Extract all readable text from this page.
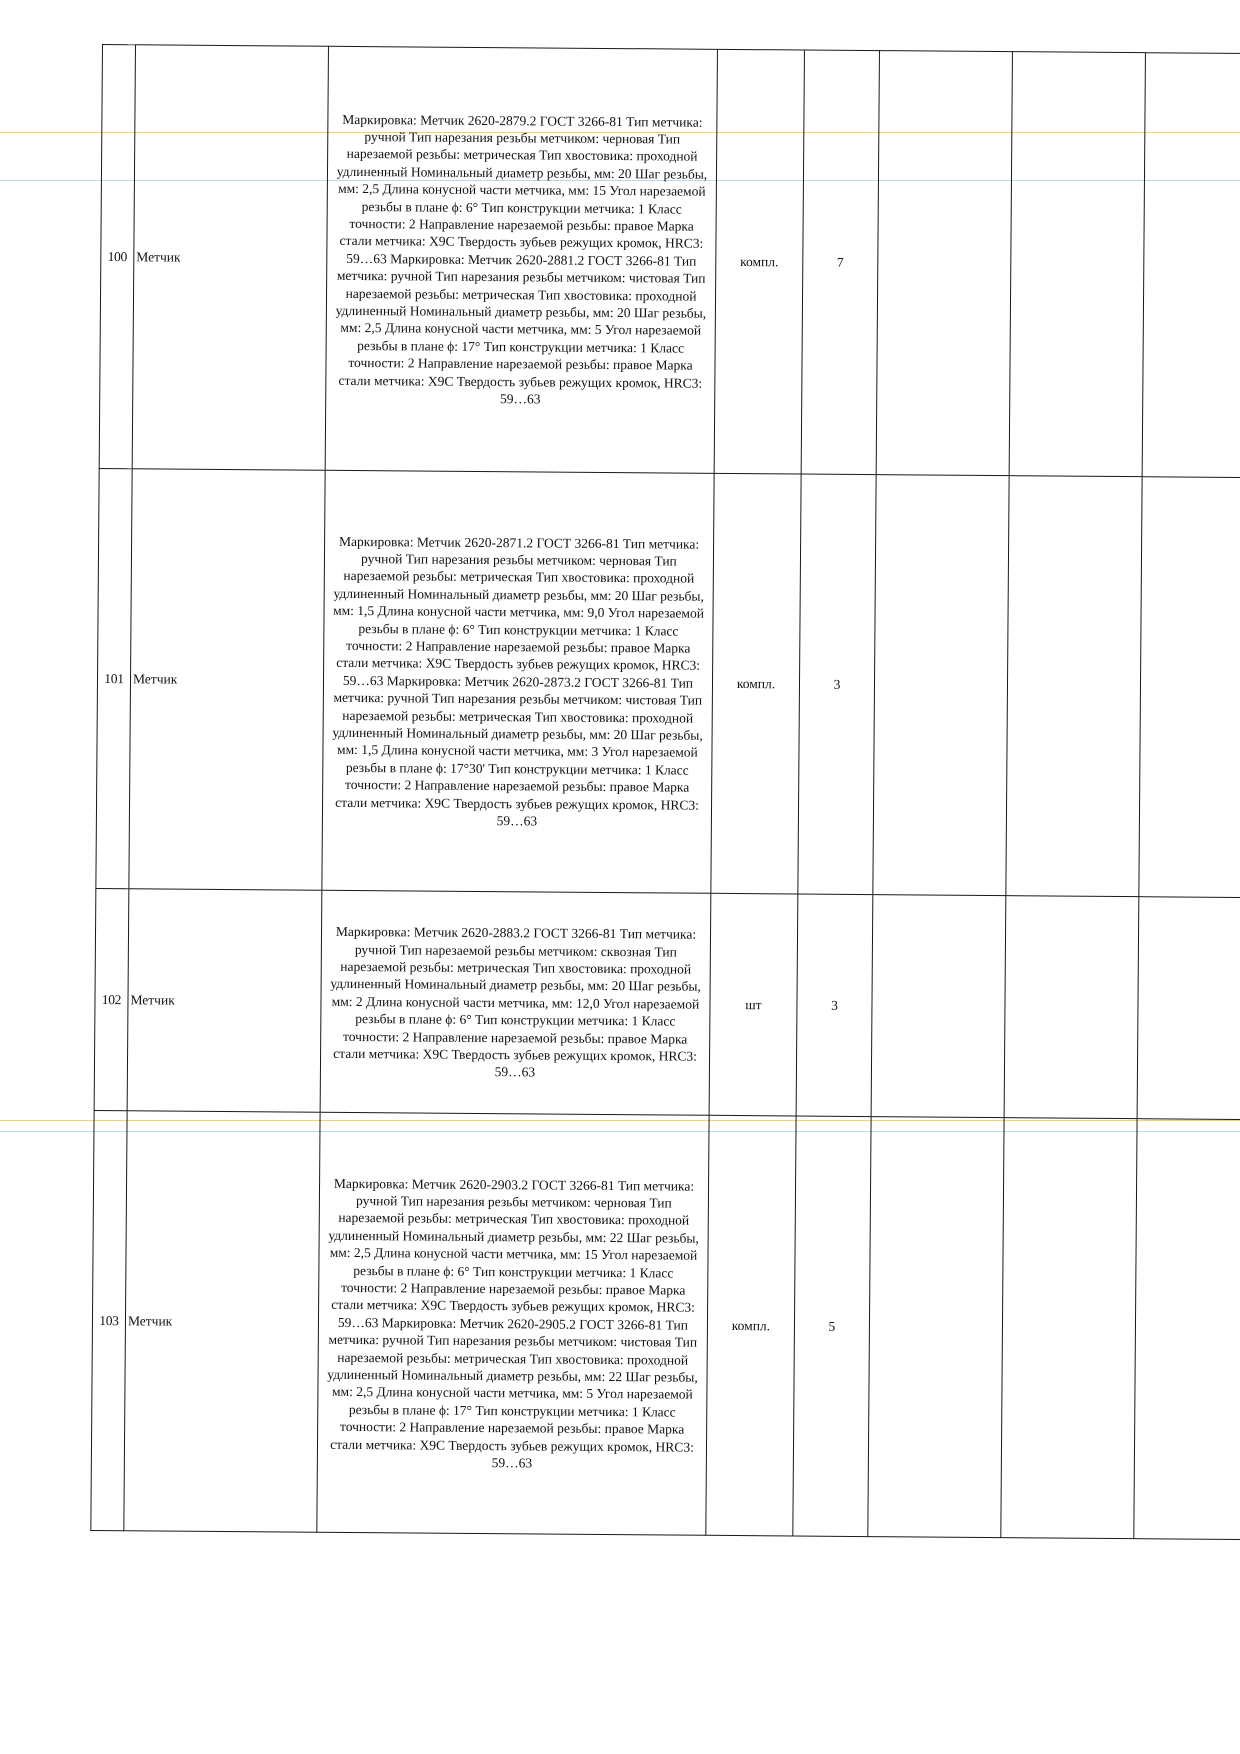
100	Метчик	Маркировка: Метчик 2620-2879.2 ГОСТ 3266-81 Тип метчика: ручной Тип нарезания резьбы метчиком: черновая Тип нарезаемой резьбы: метрическая Тип хвостовика: проходной удлиненный Номинальный диаметр резьбы, мм: 20 Шаг резьбы, мм: 2,5 Длина конусной части метчика, мм: 15 Угол нарезаемой резьбы в плане ϕ: 6° Тип конструкции метчика: 1 Класс точности: 2 Направление нарезаемой резьбы: правое Марка стали метчика: Х9С Твердость зубьев режущих кромок, HRC3: 59…63 Маркировка: Метчик 2620-2881.2 ГОСТ 3266-81 Тип метчика: ручной Тип нарезания резьбы метчиком: чистовая Тип нарезаемой резьбы: метрическая Тип хвостовика: проходной удлиненный Номинальный диаметр резьбы, мм: 20 Шаг резьбы, мм: 2,5 Длина конусной части метчика, мм: 5 Угол нарезаемой резьбы в плане ϕ: 17° Тип конструкции метчика: 1 Класс точности: 2 Направление нарезаемой резьбы: правое Марка стали метчика: Х9С Твердость зубьев режущих кромок, HRC3: 59…63	компл.	7			
101	Метчик	Маркировка: Метчик 2620-2871.2 ГОСТ 3266-81 Тип метчика: ручной Тип нарезания резьбы метчиком: черновая Тип нарезаемой резьбы: метрическая Тип хвостовика: проходной удлиненный Номинальный диаметр резьбы, мм: 20 Шаг резьбы, мм: 1,5 Длина конусной части метчика, мм: 9,0 Угол нарезаемой резьбы в плане ϕ: 6° Тип конструкции метчика: 1 Класс точности: 2 Направление нарезаемой резьбы: правое Марка стали метчика: Х9С Твердость зубьев режущих кромок, HRC3: 59…63 Маркировка: Метчик 2620-2873.2 ГОСТ 3266-81 Тип метчика: ручной Тип нарезания резьбы метчиком: чистовая Тип нарезаемой резьбы: метрическая Тип хвостовика: проходной удлиненный Номинальный диаметр резьбы, мм: 20 Шаг резьбы, мм: 1,5 Длина конусной части метчика, мм: 3 Угол нарезаемой резьбы в плане ϕ: 17°30' Тип конструкции метчика: 1 Класс точности: 2 Направление нарезаемой резьбы: правое Марка стали метчика: Х9С Твердость зубьев режущих кромок, HRC3: 59…63	компл.	3			
102	Метчик	Маркировка: Метчик 2620-2883.2 ГОСТ 3266-81 Тип метчика: ручной Тип нарезаемой резьбы метчиком: сквозная Тип нарезаемой резьбы: метрическая Тип хвостовика: проходной удлиненный Номинальный диаметр резьбы, мм: 20 Шаг резьбы, мм: 2 Длина конусной части метчика, мм: 12,0 Угол нарезаемой резьбы в плане ϕ: 6° Тип конструкции метчика: 1 Класс точности: 2 Направление нарезаемой резьбы: правое Марка стали метчика: Х9С Твердость зубьев режущих кромок, HRC3: 59…63	шт	3			
103	Метчик	Маркировка: Метчик 2620-2903.2 ГОСТ 3266-81 Тип метчика: ручной Тип нарезания резьбы метчиком: черновая Тип нарезаемой резьбы: метрическая Тип хвостовика: проходной удлиненный Номинальный диаметр резьбы, мм: 22 Шаг резьбы, мм: 2,5 Длина конусной части метчика, мм: 15 Угол нарезаемой резьбы в плане ϕ: 6° Тип конструкции метчика: 1 Класс точности: 2 Направление нарезаемой резьбы: правое Марка стали метчика: Х9С Твердость зубьев режущих кромок, HRC3: 59…63 Маркировка: Метчик 2620-2905.2 ГОСТ 3266-81 Тип метчика: ручной Тип нарезания резьбы метчиком: чистовая Тип нарезаемой резьбы: метрическая Тип хвостовика: проходной удлиненный Номинальный диаметр резьбы, мм: 22 Шаг резьбы, мм: 2,5 Длина конусной части метчика, мм: 5 Угол нарезаемой резьбы в плане ϕ: 17° Тип конструкции метчика: 1 Класс точности: 2 Направление нарезаемой резьбы: правое Марка стали метчика: Х9С Твердость зубьев режущих кромок, HRC3: 59…63	компл.	5			
